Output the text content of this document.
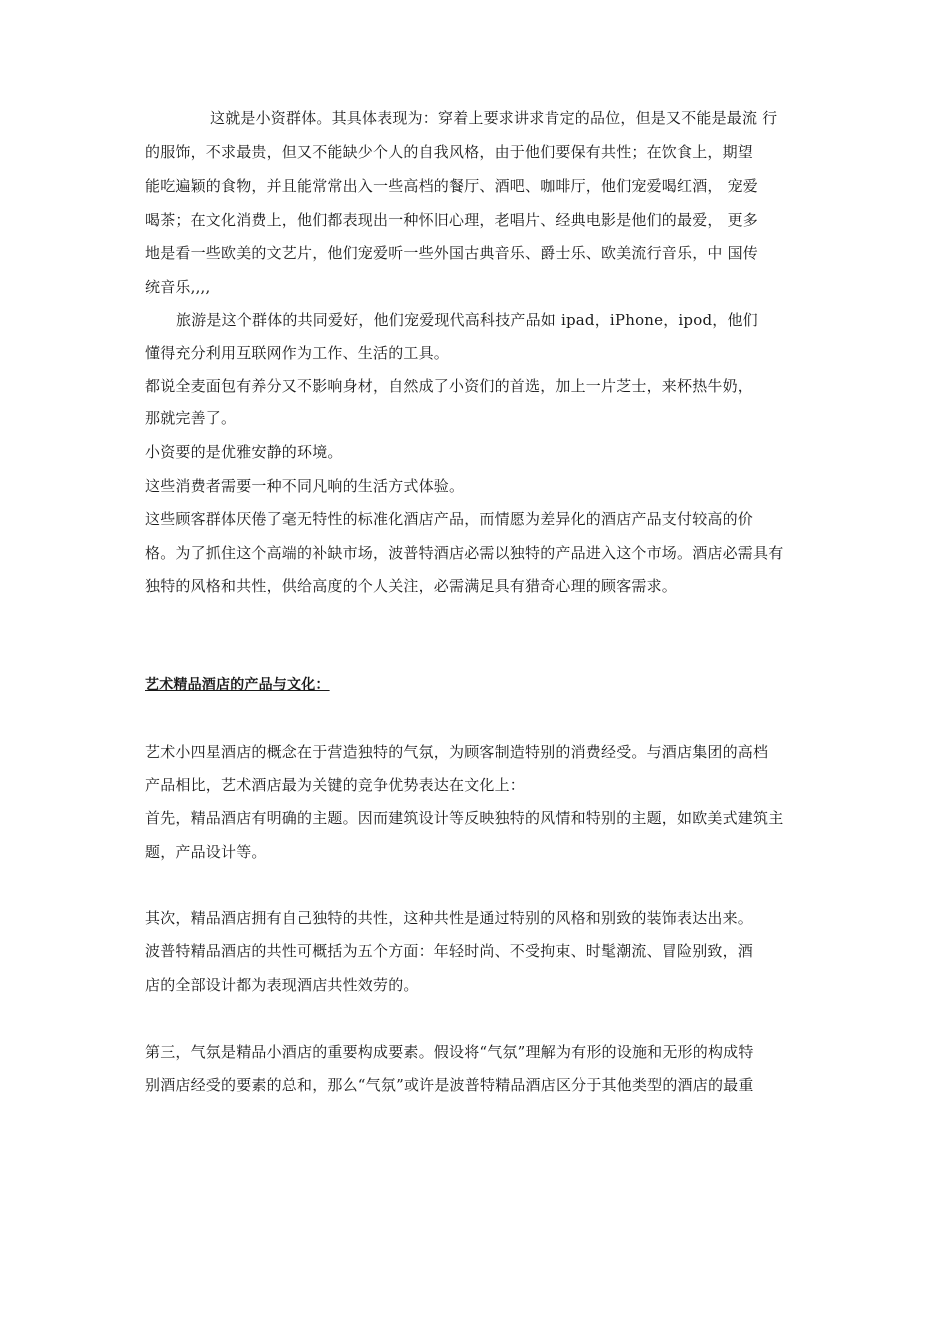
这就是小资群体。其具体表现为：穿着上要求讲求肯定的品位，但是又不能是最流 行
的服饰，不求最贵，但又不能缺少个人的自我风格，由于他们要保有共性；在饮食上，期望
能吃遍颖的食物，并且能常常出入一些高档的餐厅、酒吧、咖啡厅，他们宠爱喝红酒， 宠爱
喝茶；在文化消费上，他们都表现出一种怀旧心理，老唱片、经典电影是他们的最爱， 更多
地是看一些欧美的文艺片，他们宠爱听一些外国古典音乐、爵士乐、欧美流行音乐，中 国传
统音乐,,,,
旅游是这个群体的共同爱好，他们宠爱现代高科技产品如 ipad，iPhone，ipod，他们
懂得充分利用互联网作为工作、生活的工具。
都说全麦面包有养分又不影响身材，自然成了小资们的首选，加上一片芝士，来杯热牛奶，
那就完善了。
小资要的是优雅安静的环境。
这些消费者需要一种不同凡响的生活方式体验。
这些顾客群体厌倦了毫无特性的标准化酒店产品，而情愿为差异化的酒店产品支付较高的价
格。为了抓住这个高端的补缺市场，波普特酒店必需以独特的产品进入这个市场。酒店必需具有
独特的风格和共性，供给高度的个人关注，必需满足具有猎奇心理的顾客需求。
艺术精品酒店的产品与文化：
艺术小四星酒店的概念在于营造独特的气氛，为顾客制造特别的消费经受。与酒店集团的高档
产品相比，艺术酒店最为关键的竞争优势表达在文化上：
首先，精品酒店有明确的主题。因而建筑设计等反映独特的风情和特别的主题，如欧美式建筑主
题，产品设计等。
其次，精品酒店拥有自己独特的共性，这种共性是通过特别的风格和别致的装饰表达出来。
波普特精品酒店的共性可概括为五个方面：年轻时尚、不受拘束、时髦潮流、冒险别致，酒
店的全部设计都为表现酒店共性效劳的。
第三，气氛是精品小酒店的重要构成要素。假设将“气氛”理解为有形的设施和无形的构成特
别酒店经受的要素的总和，那么“气氛”或许是波普特精品酒店区分于其他类型的酒店的最重
